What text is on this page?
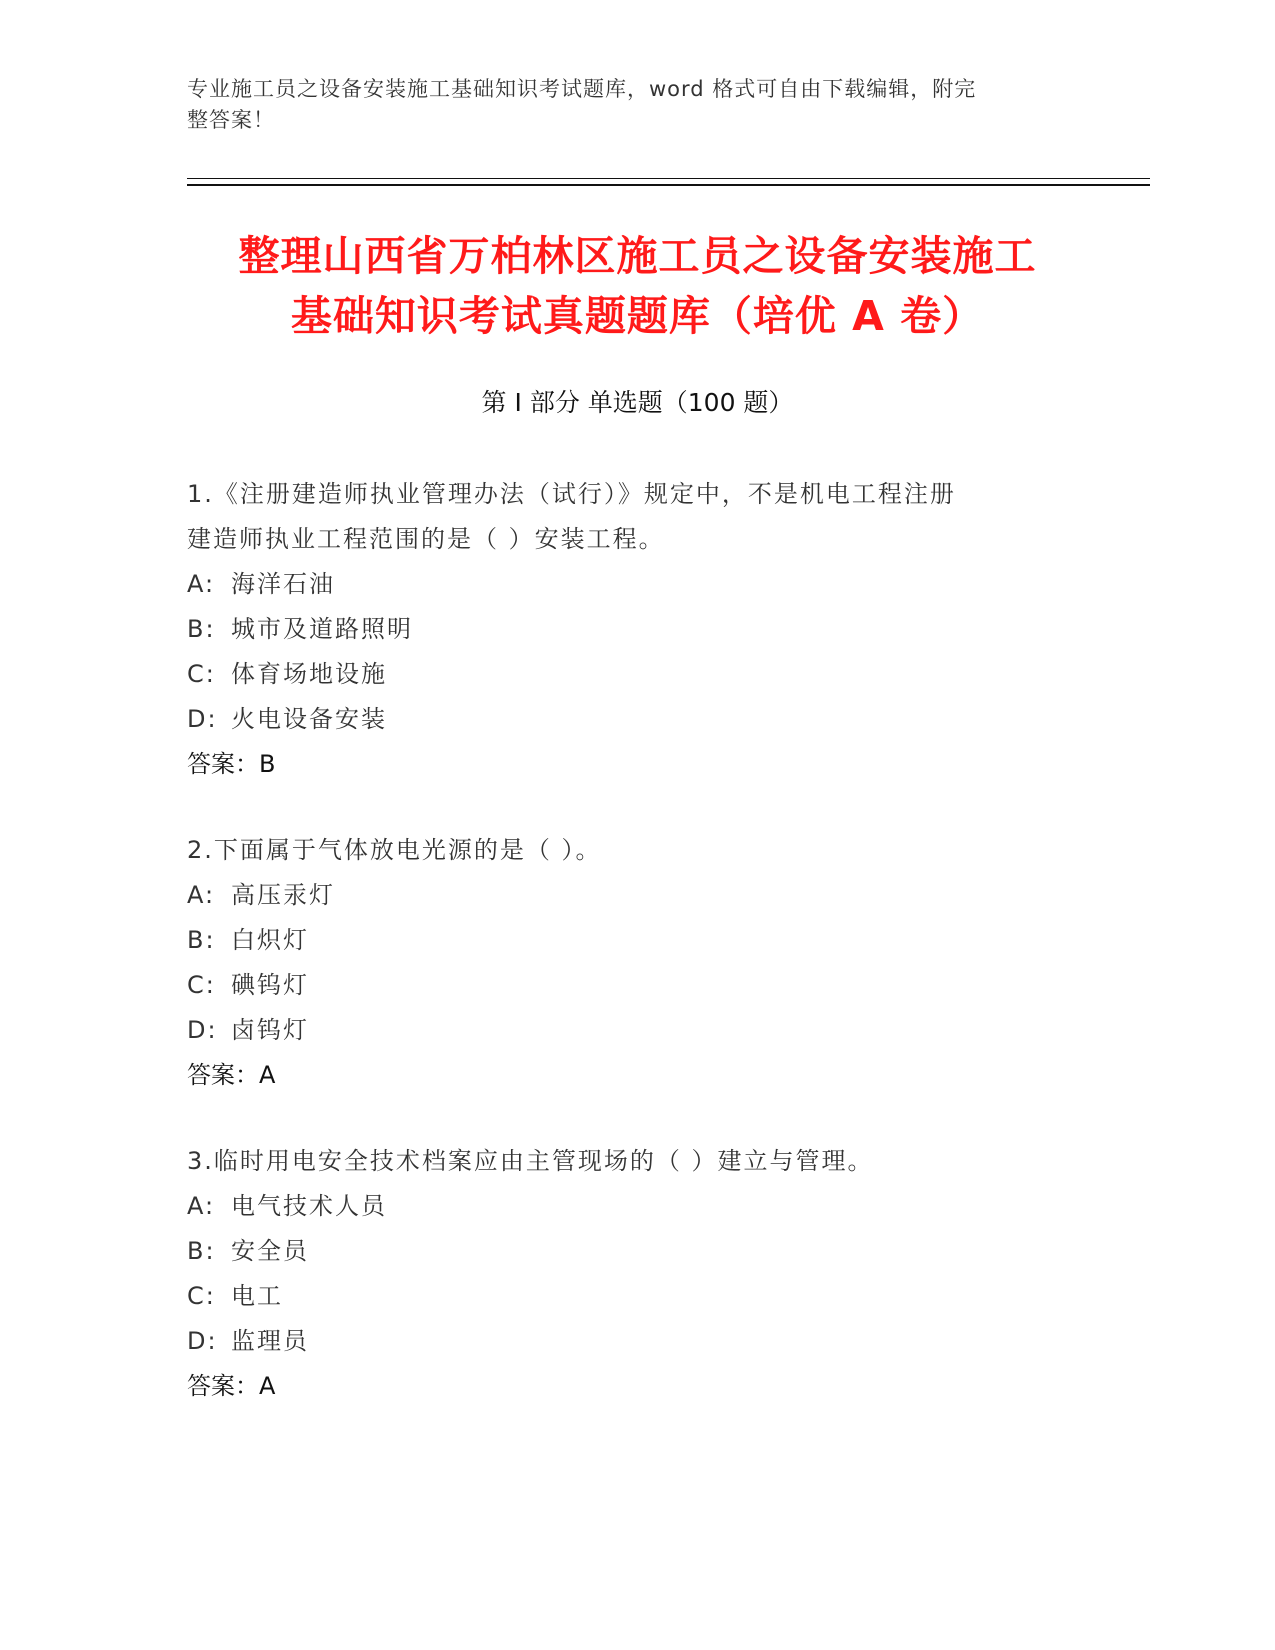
专业施工员之设备安装施工基础知识考试题库，word 格式可自由下载编辑，附完
整答案！
整理山西省万柏林区施工员之设备安装施工
基础知识考试真题题库（培优 A 卷）
第 I 部分 单选题（100 题）

1.《注册建造师执业管理办法（试行）》规定中，不是机电工程注册

建造师执业工程范围的是（ ）安装工程。

A: 海洋石油

B: 城市及道路照明

C: 体育场地设施

D: 火电设备安装

答案：B

2.下面属于气体放电光源的是（ ）。

A: 高压汞灯

B: 白炽灯

C: 碘钨灯

D: 卤钨灯

答案：A

3.临时用电安全技术档案应由主管现场的（ ）建立与管理。

A: 电气技术人员

B: 安全员

C: 电工

D: 监理员

答案：A
